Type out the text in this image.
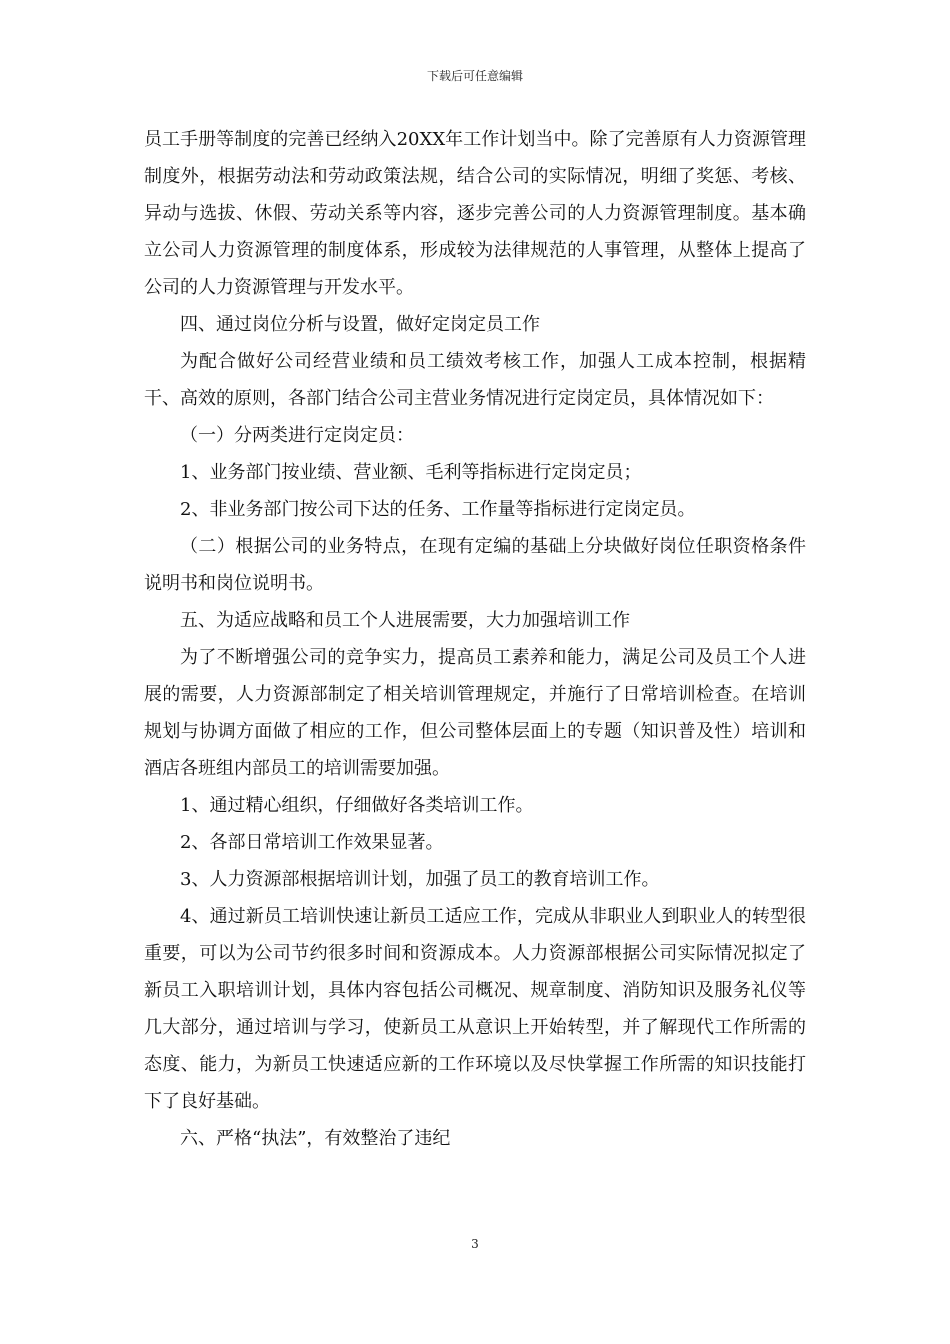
下载后可任意编辑

员工手册等制度的完善已经纳入20XX年工作计划当中。除了完善原有人力资源管理制度外，根据劳动法和劳动政策法规，结合公司的实际情况，明细了奖惩、考核、异动与选拔、休假、劳动关系等内容，逐步完善公司的人力资源管理制度。基本确立公司人力资源管理的制度体系，形成较为法律规范的人事管理，从整体上提高了公司的人力资源管理与开发水平。

四、通过岗位分析与设置，做好定岗定员工作

为配合做好公司经营业绩和员工绩效考核工作，加强人工成本控制，根据精干、高效的原则，各部门结合公司主营业务情况进行定岗定员，具体情况如下：

（一）分两类进行定岗定员：

1、业务部门按业绩、营业额、毛利等指标进行定岗定员；

2、非业务部门按公司下达的任务、工作量等指标进行定岗定员。

（二）根据公司的业务特点，在现有定编的基础上分块做好岗位任职资格条件说明书和岗位说明书。

五、为适应战略和员工个人进展需要，大力加强培训工作

为了不断增强公司的竞争实力，提高员工素养和能力，满足公司及员工个人进展的需要，人力资源部制定了相关培训管理规定，并施行了日常培训检查。在培训规划与协调方面做了相应的工作，但公司整体层面上的专题（知识普及性）培训和酒店各班组内部员工的培训需要加强。

1、通过精心组织，仔细做好各类培训工作。

2、各部日常培训工作效果显著。

3、人力资源部根据培训计划，加强了员工的教育培训工作。

4、通过新员工培训快速让新员工适应工作，完成从非职业人到职业人的转型很重要，可以为公司节约很多时间和资源成本。人力资源部根据公司实际情况拟定了新员工入职培训计划，具体内容包括公司概况、规章制度、消防知识及服务礼仪等几大部分，通过培训与学习，使新员工从意识上开始转型，并了解现代工作所需的态度、能力，为新员工快速适应新的工作环境以及尽快掌握工作所需的知识技能打下了良好基础。

六、严格“执法”，有效整治了违纪

3
